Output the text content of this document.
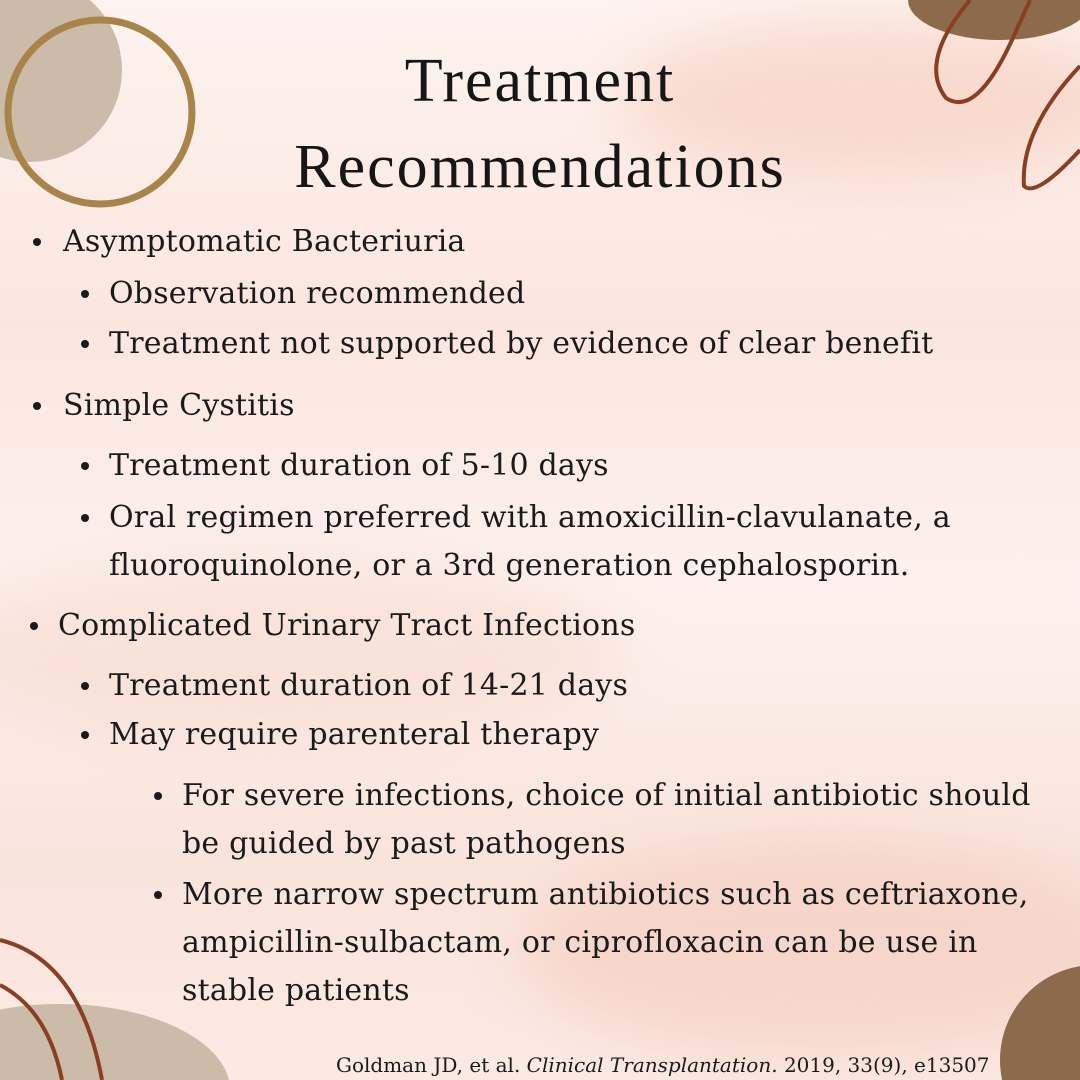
Treatment
Recommendations
Asymptomatic Bacteriuria
Observation recommended
Treatment not supported by evidence of clear benefit
Simple Cystitis
Treatment duration of 5-10 days
Oral regimen preferred with amoxicillin-clavulanate, a
fluoroquinolone, or a 3rd generation cephalosporin.
Complicated Urinary Tract Infections
Treatment duration of 14-21 days
May require parenteral therapy
For severe infections, choice of initial antibiotic should
be guided by past pathogens
More narrow spectrum antibiotics such as ceftriaxone,
ampicillin-sulbactam, or ciprofloxacin can be use in
stable patients
Goldman JD, et al. Clinical Transplantation. 2019, 33(9), e13507
